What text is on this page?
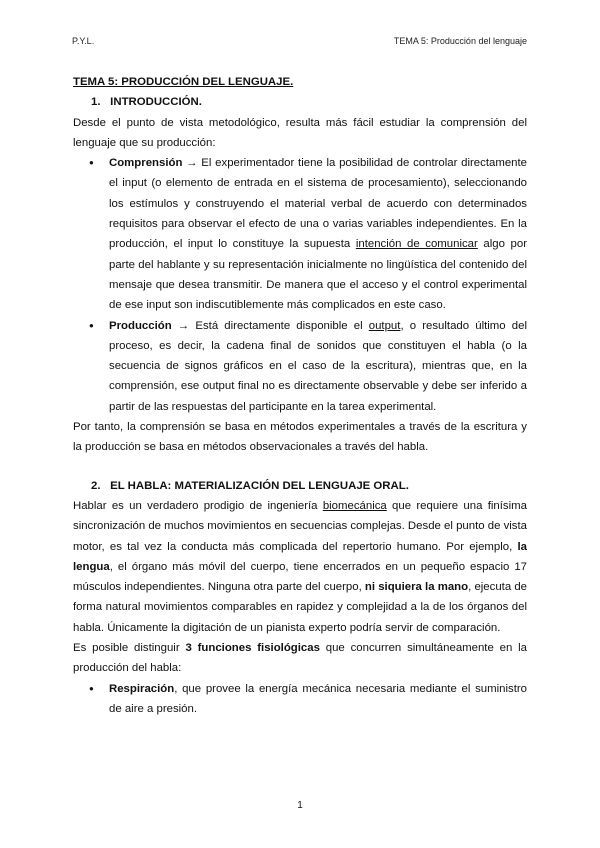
P.Y.L.	TEMA 5: Producción del lenguaje

TEMA 5: PRODUCCIÓN DEL LENGUAJE.

1. INTRODUCCIÓN.

Desde el punto de vista metodológico, resulta más fácil estudiar la comprensión del lenguaje que su producción:

● Comprensión → El experimentador tiene la posibilidad de controlar directamente el input (o elemento de entrada en el sistema de procesamiento), seleccionando los estímulos y construyendo el material verbal de acuerdo con determinados requisitos para observar el efecto de una o varias variables independientes. En la producción, el input lo constituye la supuesta intención de comunicar algo por parte del hablante y su representación inicialmente no lingüística del contenido del mensaje que desea transmitir. De manera que el acceso y el control experimental de ese input son indiscutiblemente más complicados en este caso.
● Producción → Está directamente disponible el output, o resultado último del proceso, es decir, la cadena final de sonidos que constituyen el habla (o la secuencia de signos gráficos en el caso de la escritura), mientras que, en la comprensión, ese output final no es directamente observable y debe ser inferido a partir de las respuestas del participante en la tarea experimental.

Por tanto, la comprensión se basa en métodos experimentales a través de la escritura y la producción se basa en métodos observacionales a través del habla.

2. EL HABLA: MATERIALIZACIÓN DEL LENGUAJE ORAL.

Hablar es un verdadero prodigio de ingeniería biomecánica que requiere una finísima sincronización de muchos movimientos en secuencias complejas. Desde el punto de vista motor, es tal vez la conducta más complicada del repertorio humano. Por ejemplo, la lengua, el órgano más móvil del cuerpo, tiene encerrados en un pequeño espacio 17 músculos independientes. Ninguna otra parte del cuerpo, ni siquiera la mano, ejecuta de forma natural movimientos comparables en rapidez y complejidad a la de los órganos del habla. Únicamente la digitación de un pianista experto podría servir de comparación.

Es posible distinguir 3 funciones fisiológicas que concurren simultáneamente en la producción del habla:

● Respiración, que provee la energía mecánica necesaria mediante el suministro de aire a presión.
1
